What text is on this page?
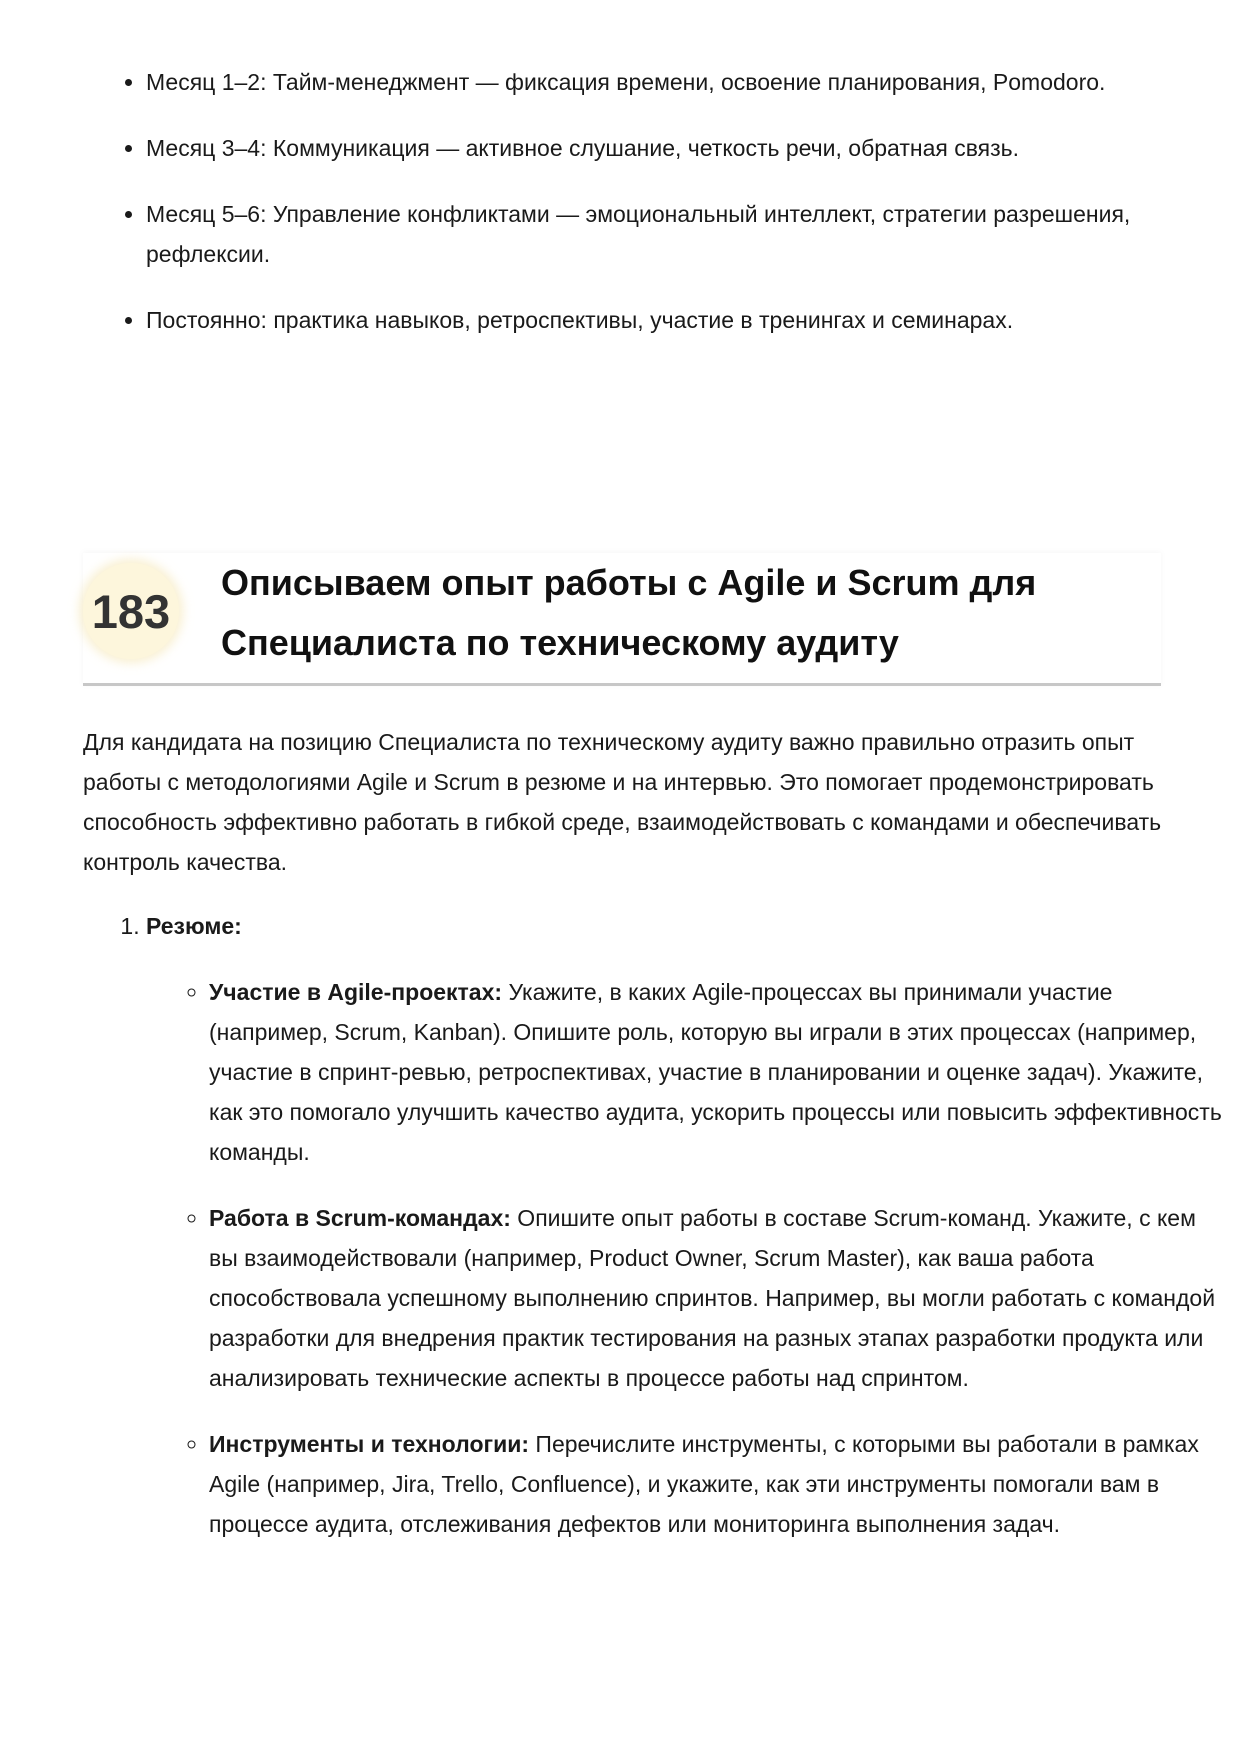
• Месяц 1–2: Тайм-менеджмент — фиксация времени, освоение планирования, Pomodoro.
• Месяц 3–4: Коммуникация — активное слушание, четкость речи, обратная связь.
• Месяц 5–6: Управление конфликтами — эмоциональный интеллект, стратегии разрешения, рефлексии.
• Постоянно: практика навыков, ретроспективы, участие в тренингах и семинарах.
183
Описываем опыт работы с Agile и Scrum для Специалиста по техническому аудиту

Для кандидата на позицию Специалиста по техническому аудиту важно правильно отразить опыт работы с методологиями Agile и Scrum в резюме и на интервью. Это помогает продемонстрировать способность эффективно работать в гибкой среде, взаимодействовать с командами и обеспечивать контроль качества.

1. Резюме:
◦ Участие в Agile-проектах: Укажите, в каких Agile-процессах вы принимали участие (например, Scrum, Kanban). Опишите роль, которую вы играли в этих процессах (например, участие в спринт-ревью, ретроспективах, участие в планировании и оценке задач). Укажите, как это помогало улучшить качество аудита, ускорить процессы или повысить эффективность команды.
◦ Работа в Scrum-командах: Опишите опыт работы в составе Scrum-команд. Укажите, с кем вы взаимодействовали (например, Product Owner, Scrum Master), как ваша работа способствовала успешному выполнению спринтов. Например, вы могли работать с командой разработки для внедрения практик тестирования на разных этапах разработки продукта или анализировать технические аспекты в процессе работы над спринтом.
◦ Инструменты и технологии: Перечислите инструменты, с которыми вы работали в рамках Agile (например, Jira, Trello, Confluence), и укажите, как эти инструменты помогали вам в процессе аудита, отслеживания дефектов или мониторинга выполнения задач.
